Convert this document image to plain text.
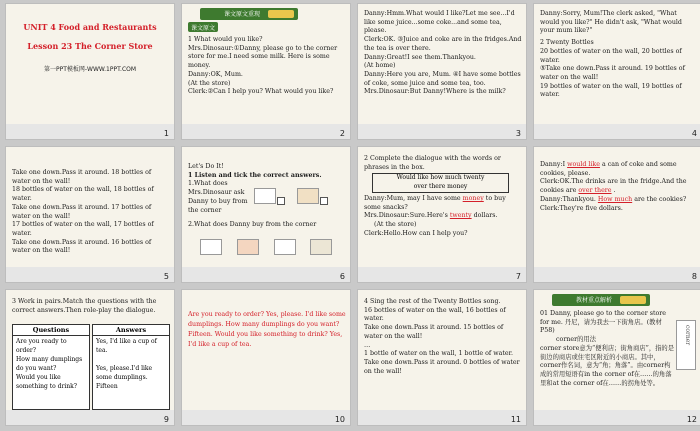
UNIT 4 Food and Restaurants
Lesson 23 The Corner Store
第一PPT模板网-WWW.1PPT.COM
1
课文原文重现
课文原文

1 What would you like?

Mrs.Dinosaur:①Danny, please go to the corner store for me.I need some milk. Here is some money.

Danny:OK, Mum.

(At the store)

Clerk:②Can I help you? What would you like?

2

Danny:Hmm.What would I like?Let me see...I'd like some juice...some coke...and some tea, please.

Clerk:OK. ③Juice and coke are in the fridges.And the tea is over there.

Danny:Great!I see them.Thankyou.

(At home)

Danny:Here you are, Mum. ④I have some bottles of coke, some juice and some tea, too.

Mrs.Dinosaur:But Danny!Where is the milk?

3

Danny:Sorry, Mum!The clerk asked, "What would you like?" He didn't ask, "What would your mum like?"

2 Twenty Bottles

20 bottles of water on the wall, 20 bottles of water.

⑤Take one down.Pass it around. 19 bottles of water on the wall!

19 bottles of water on the wall, 19 bottles of water.

4

Take one down.Pass it around. 18 bottles of water on the wall!

18 bottles of water on the wall, 18 bottles of water.

Take one down.Pass it around. 17 bottles of water on the wall!

17 bottles of water on the wall, 17 bottles of water.

Take one down.Pass it around. 16 bottles of water on the wall!

5

Let's Do It!

1 Listen and tick the correct answers.

1.What does Mrs.Dinosaur ask Danny to buy from the corner

2.What does Danny buy from the corner

6

2 Complete the dialogue with the words or phrases in the box.

Would like how much twenty
over there money

Danny:Mum, may I have some money to buy some snacks?

Mrs.Dinosaur:Sure.Here's twenty dollars.

(At the store)

Clerk:Hello.How can I help you?

7

Danny:I would like a can of coke and some cookies, please.

Clerk:OK.The drinks are in the fridge.And the cookies are over there .

Danny:Thankyou. How much are the cookies?

Clerk:They're five dollars.

8

3 Work in pairs.Match the questions with the correct answers.Then role-play the dialogue.

Questions

Are you ready to order?

How many dumplings do you want?

Would you like something to drink?

Answers

Yes, I'd like a cup of tea.

Yes, please.I'd like some dumplings.

Fifteen

9
Are you ready to order? Yes, please. I'd like some dumplings. How many dumplings do you want? Fifteen. Would you like something to drink? Yes, I'd like a cup of tea.
10

4 Sing the rest of the Twenty Bottles song.

16 bottles of water on the wall, 16 bottles of water.

Take one down.Pass it around. 15 bottles of water on the wall!

…

1 bottle of water on the wall, 1 bottle of water.

Take one down.Pass it around. 0 bottles of water on the wall!

11
教材重点解析
corner

01 Danny, please go to the corner store for me. 丹尼，请为我去一下街角店。(教材P58)

corner的用法

corner store意为“便利店；街角商店”，指的是街边的商店或住宅区附近的小商店。其中，corner作名词，意为“角；角落”。由corner构成的常用短语有in the corner of在……的角落里和at the corner of在……的拐角处等。

12
